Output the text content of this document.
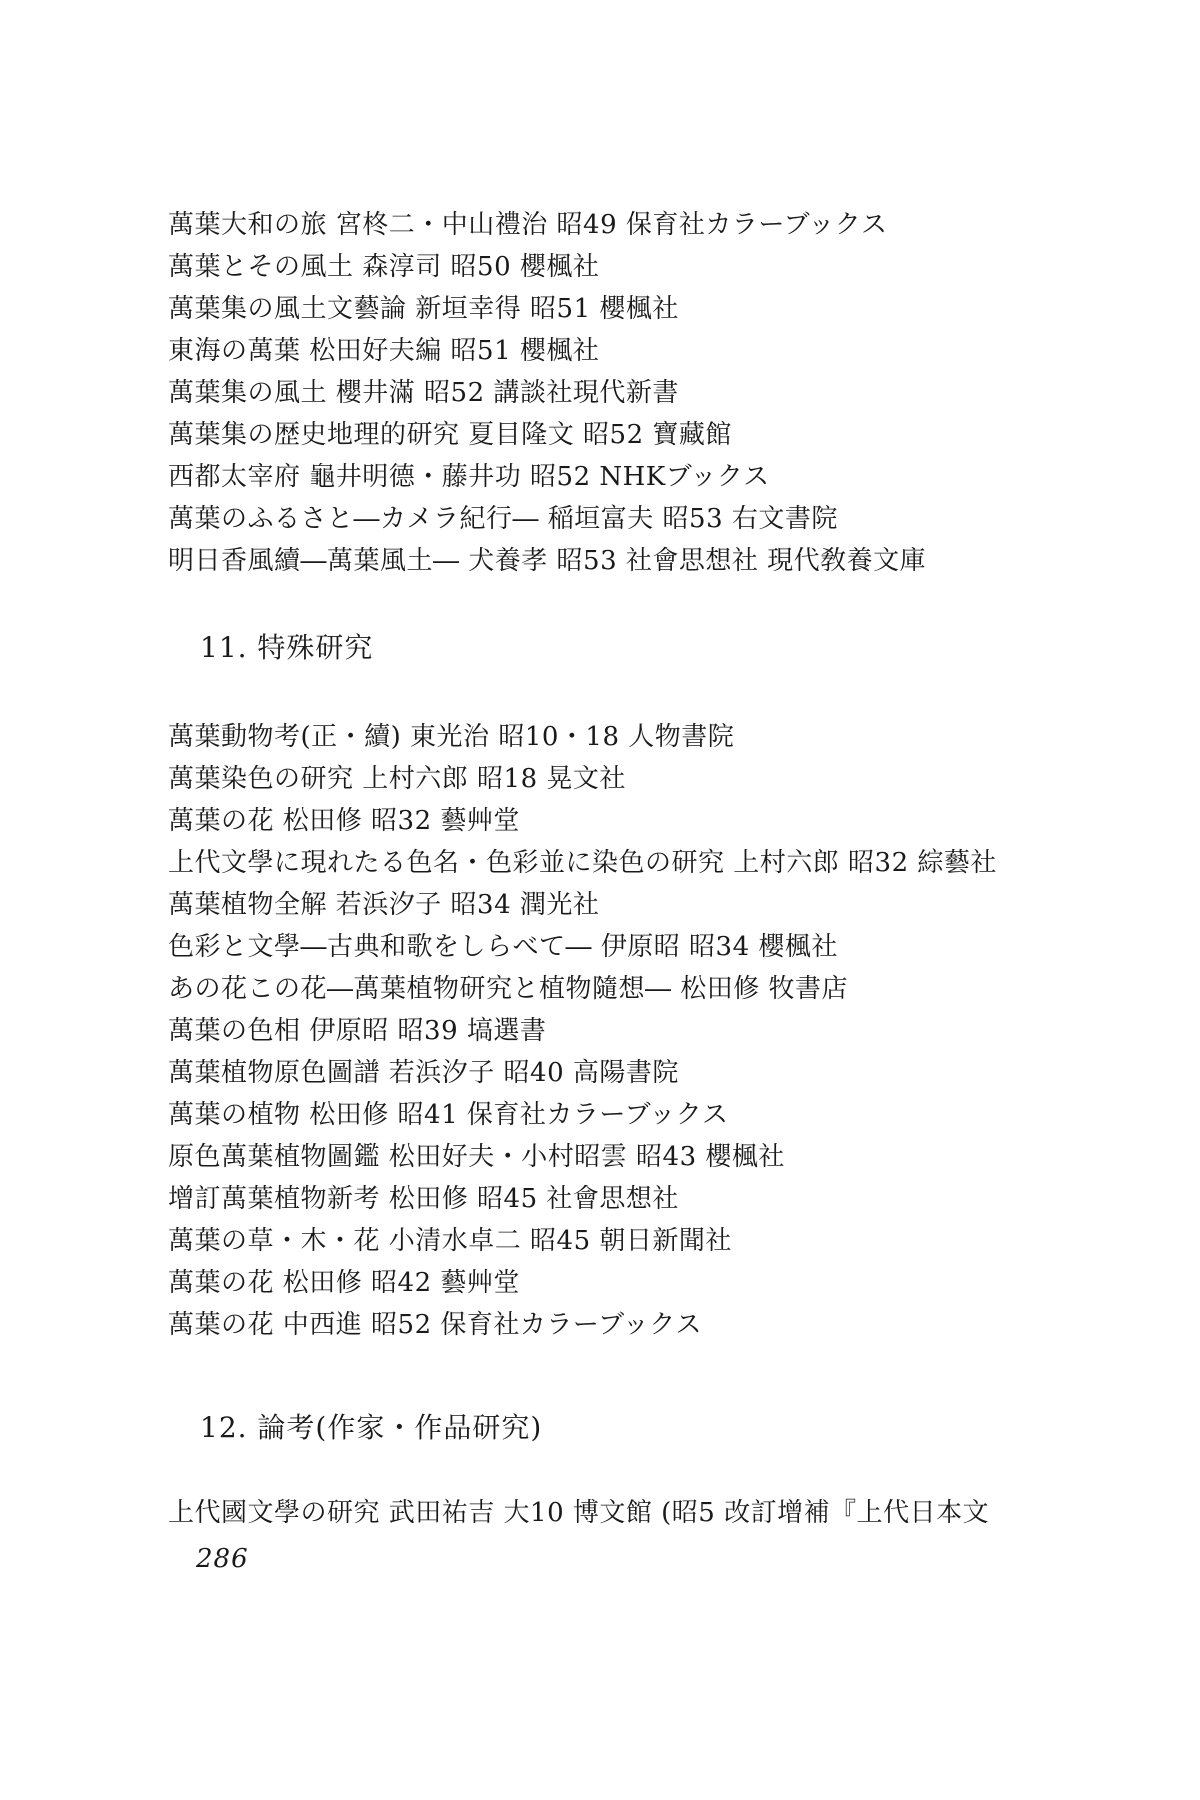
萬葉大和の旅 宮柊二・中山禮治 昭49 保育社カラーブックス
萬葉とその風土 森淳司 昭50 櫻楓社
萬葉集の風土文藝論 新垣幸得 昭51 櫻楓社
東海の萬葉 松田好夫編 昭51 櫻楓社
萬葉集の風土 櫻井滿 昭52 講談社現代新書
萬葉集の歴史地理的研究 夏目隆文 昭52 寶藏館
西都太宰府 龜井明德・藤井功 昭52 NHKブックス
萬葉のふるさと―カメラ紀行― 稲垣富夫 昭53 右文書院
明日香風續―萬葉風土― 犬養孝 昭53 社會思想社 現代敎養文庫
11. 特殊研究
萬葉動物考(正・續) 東光治 昭10・18 人物書院
萬葉染色の研究 上村六郎 昭18 晃文社
萬葉の花 松田修 昭32 藝艸堂
上代文學に現れたる色名・色彩並に染色の研究 上村六郎 昭32 綜藝社
萬葉植物全解 若浜汐子 昭34 潤光社
色彩と文學―古典和歌をしらべて― 伊原昭 昭34 櫻楓社
あの花この花―萬葉植物研究と植物隨想― 松田修 牧書店
萬葉の色相 伊原昭 昭39 塙選書
萬葉植物原色圖譜 若浜汐子 昭40 高陽書院
萬葉の植物 松田修 昭41 保育社カラーブックス
原色萬葉植物圖鑑 松田好夫・小村昭雲 昭43 櫻楓社
增訂萬葉植物新考 松田修 昭45 社會思想社
萬葉の草・木・花 小清水卓二 昭45 朝日新聞社
萬葉の花 松田修 昭42 藝艸堂
萬葉の花 中西進 昭52 保育社カラーブックス
12. 論考(作家・作品研究)
上代國文學の研究 武田祐吉 大10 博文館 (昭5 改訂增補『上代日本文
286
